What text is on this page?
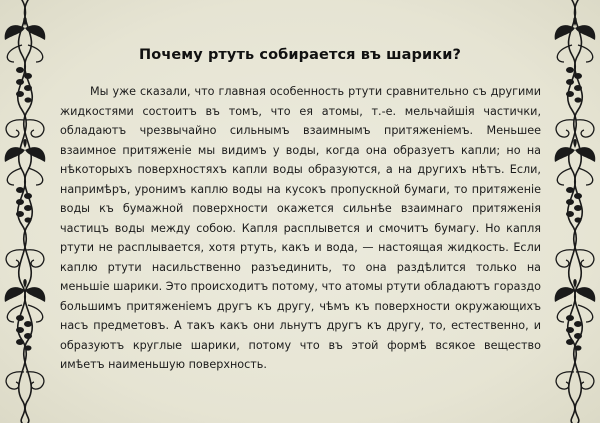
Почему ртуть собирается въ шарики?

Мы уже сказали, что главная особенность ртути сравнительно съ другими жидкостями состоитъ въ томъ, что ея атомы, т.-е. мельчайшія частички, обладаютъ чрезвычайно сильнымъ взаимнымъ притяженіемъ. Меньшее взаимное притяженіе мы видимъ у воды, когда она образуетъ капли; но на нѣкоторыхъ поверхностяхъ капли воды образуются, а на другихъ нѣтъ. Если, напримѣръ, уронимъ каплю воды на кусокъ пропускной бумаги, то притяженіе воды къ бумажной поверхности окажется сильнѣе взаимнаго притяженія частицъ воды между собою. Капля расплывется и смочитъ бумагу. Но капля ртути не расплывается, хотя ртуть, какъ и вода, — настоящая жидкость. Если каплю ртути насильственно разъединить, то она раздѣлится только на меньшіе шарики. Это происходитъ потому, что атомы ртути обладаютъ гораздо большимъ притяженіемъ другъ къ другу, чѣмъ къ поверхности окружающихъ насъ предметовъ. А такъ какъ они льнутъ другъ къ другу, то, естественно, и образуютъ круглые шарики, потому что въ этой формѣ всякое вещество имѣетъ наименьшую поверхность.
